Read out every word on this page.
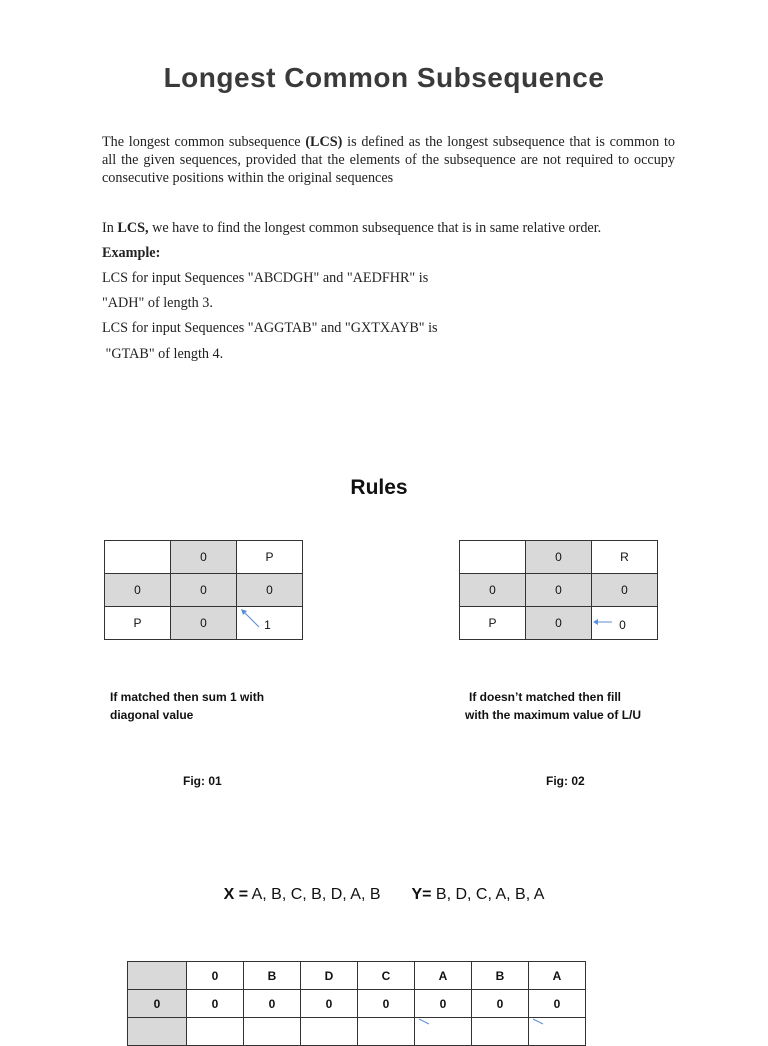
Longest Common Subsequence
The longest common subsequence (LCS) is defined as the longest subsequence that is common to all the given sequences, provided that the elements of the subsequence are not required to occupy consecutive positions within the original sequences
In LCS, we have to find the longest common subsequence that is in same relative order.
Example:
LCS for input Sequences "ABCDGH" and "AEDFHR" is
"ADH" of length 3.
LCS for input Sequences "AGGTAB" and "GXTXAYB" is
"GTAB" of length 4.
Rules
	0	P
0	0	0
P	0	1
	0	R
0	0	0
P	0	0
If matched then sum 1 with
diagonal value
If doesn’t matched then fill
with the maximum value of L/U
Fig: 01	Fig: 02
X = A, B, C, B, D, A, B Y= B, D, C, A, B, A
	0	B	D	C	A	B	A
0	0	0	0	0	0	0	0
